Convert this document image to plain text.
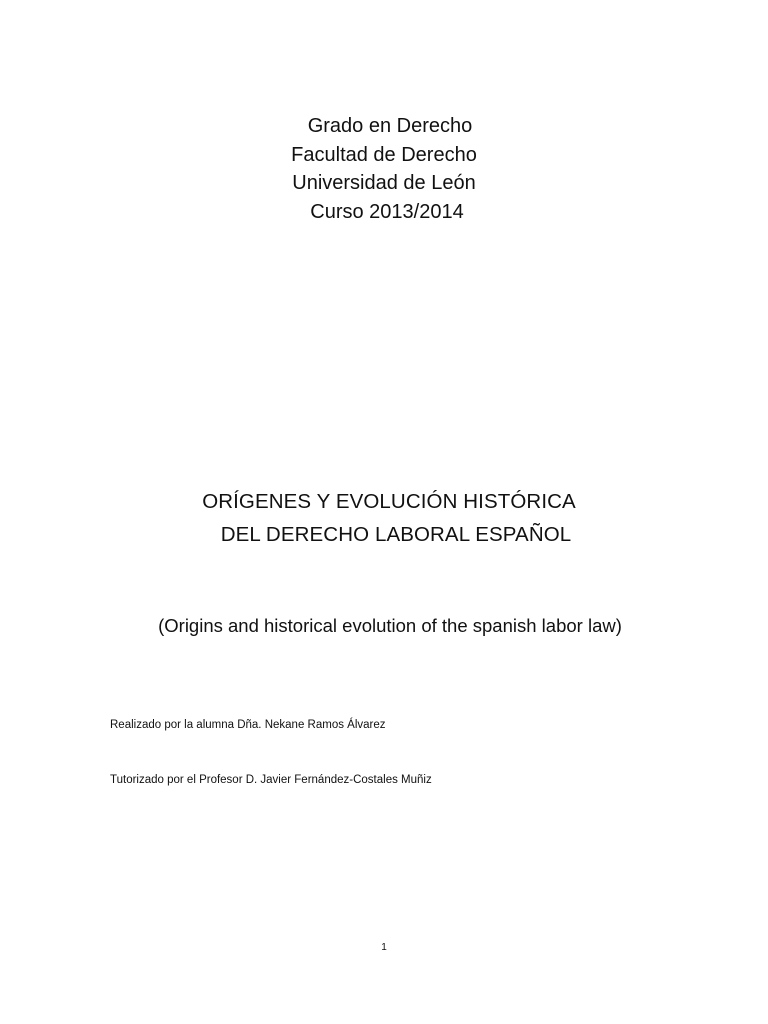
Grado en Derecho
Facultad de Derecho
Universidad de León
Curso 2013/2014
ORÍGENES Y EVOLUCIÓN HISTÓRICA
DEL DERECHO LABORAL ESPAÑOL
(Origins and historical evolution of the spanish labor law)
Realizado por la alumna Dña. Nekane Ramos Álvarez
Tutorizado por el Profesor D. Javier Fernández-Costales Muñiz
1
